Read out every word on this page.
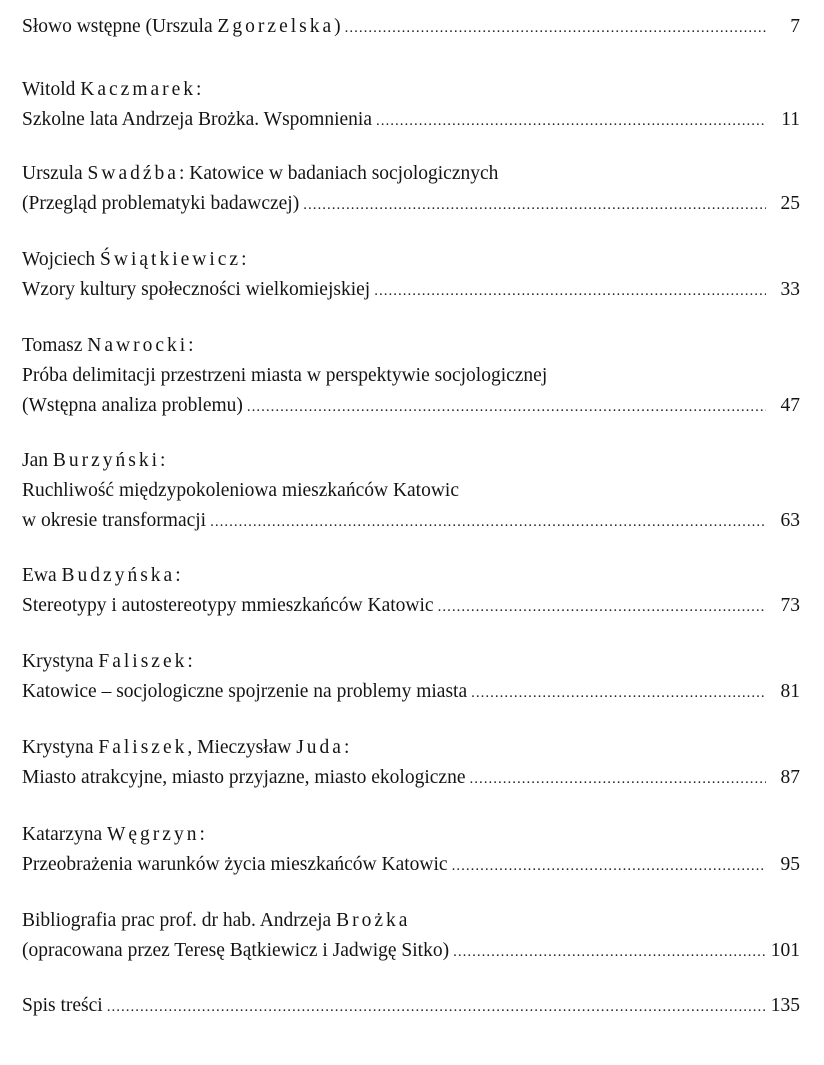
Słowo wstępne (Urszula Zgorzelska) .....	7
Witold Kaczmarek:
Szkolne lata Andrzeja Brożka. Wspomnienia .....	11
Urszula Swadźba: Katowice w badaniach socjologicznych
(Przegląd problematyki badawczej) .....	25
Wojciech Świątkiewicz:
Wzory kultury społeczności wielkomiejskiej .....	33
Tomasz Nawrocki:
Próba delimitacji przestrzeni miasta w perspektywie socjologicznej
(Wstępna analiza problemu) .....	47
Jan Burzyński:
Ruchliwość międzypokoleniowa mieszkańców Katowic
w okresie transformacji .....	63
Ewa Budzyńska:
Stereotypy i autostereotypy mmieszkańców Katowic .....	73
Krystyna Faliszek:
Katowice – socjologiczne spojrzenie na problemy miasta .....	81
Krystyna Faliszek, Mieczysław Juda:
Miasto atrakcyjne, miasto przyjazne, miasto ekologiczne .....	87
Katarzyna Węgrzyn:
Przeobrażenia warunków życia mieszkańców Katowic .....	95
Bibliografia prac prof. dr hab. Andrzeja Brożka
(opracowana przez Teresę Bątkiewicz i Jadwigę Sitko) .....	101
Spis treści .....	135
